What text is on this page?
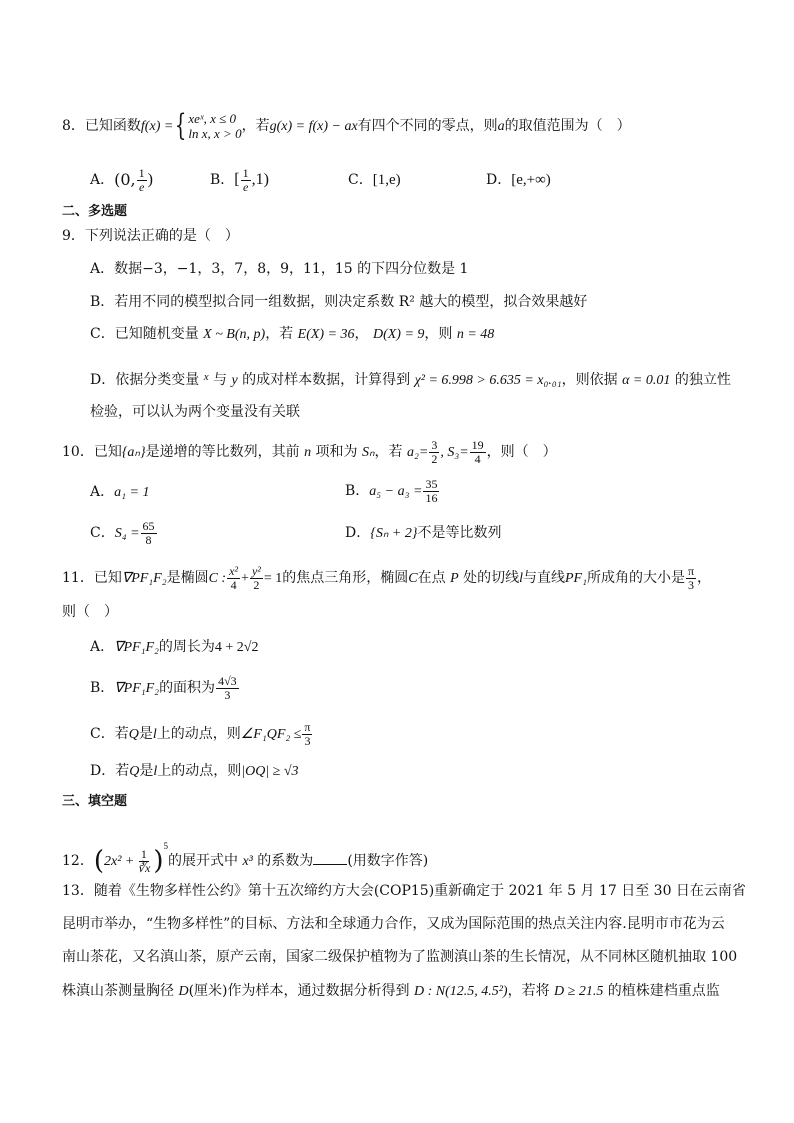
8．已知函数f(x) ={ xeˣ, x ≤ 0
ln x, x > 0 ，若g(x) = f(x) − ax有四个不同的零点，则a的取值范围为（　）
A．(0, $\frac{1}{e}$ )	B．[ $\frac{1}{e} ,1$)	C．[1,e)	D．[e,+∞)
二、多选题
9．下列说法正确的是（　）
A．数据−3，−1，3，7，8，9，11，15 的下四分位数是 1
B．若用不同的模型拟合同一组数据，则决定系数 R² 越大的模型，拟合效果越好
C．已知随机变量 X ~ B(n, p)，若 E(X) = 36， D(X) = 9，则 n = 48
D．依据分类变量 $^x$ 与 y 的成对样本数据，计算得到 χ² = 6.998 > 6.635 = x₀.₀₁，则依据 α = 0.01 的独立性
检验，可以认为两个变量没有关联
10．已知{aₙ}是递增的等比数列，其前 n 项和为 Sₙ，若 $a_2= \frac{3}{2}$ , $S_3= \frac{19}{4}$ ，则（　）
A．a₁ = 1	B．$a_5 - a_3 = \frac{35}{16}$
C．$S_4 = \frac{65}{8}$	D．{Sₙ + 2}不是等比数列
11．已知∇PF₁F₂是椭圆C : $\frac{\text{x²}}{4} + \frac{\text{y²}}{2} = 1$的焦点三角形，椭圆C在点 P 处的切线l与直线PF₁所成角的大小是 $\frac{\pi}{3}$ ，
则（　）
A．∇PF₁F₂的周长为4 + 2√2
B．∇PF₁F₂的面积为 $\frac{4√3}{3}$
C．若Q是l上的动点，则∠F₁QF₂ ≤ $\frac{\pi}{3}$
D．若Q是l上的动点，则|OQ| ≥ √3
三、填空题
12．$(2x^2 + \frac{1}{∛x} )^5$的展开式中 x³ 的系数为 (用数字作答)
13．随着《生物多样性公约》第十五次缔约方大会(COP15)重新确定于 2021 年 5 月 17 日至 30 日在云南省
昆明市举办，“生物多样性”的目标、方法和全球通力合作，又成为国际范围的热点关注内容.昆明市市花为云
南山茶花，又名滇山茶，原产云南，国家二级保护植物为了监测滇山茶的生长情况，从不同林区随机抽取 100
株滇山茶测量胸径 D(厘米)作为样本，通过数据分析得到 D : N(12.5, 4.5²)，若将 D ≥ 21.5 的植株建档重点监
